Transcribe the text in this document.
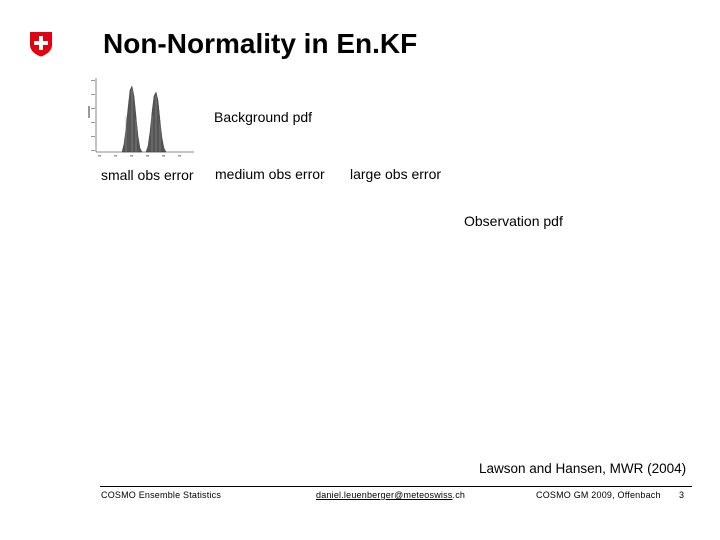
Non-Normality in En.KF
Background pdf
small obs error medium obs error large obs error
Observation pdf
Lawson and Hansen, MWR (2004)
COSMO Ensemble Statistics	daniel.leuenberger@meteoswiss.ch	COSMO GM 2009, Offenbach 3
